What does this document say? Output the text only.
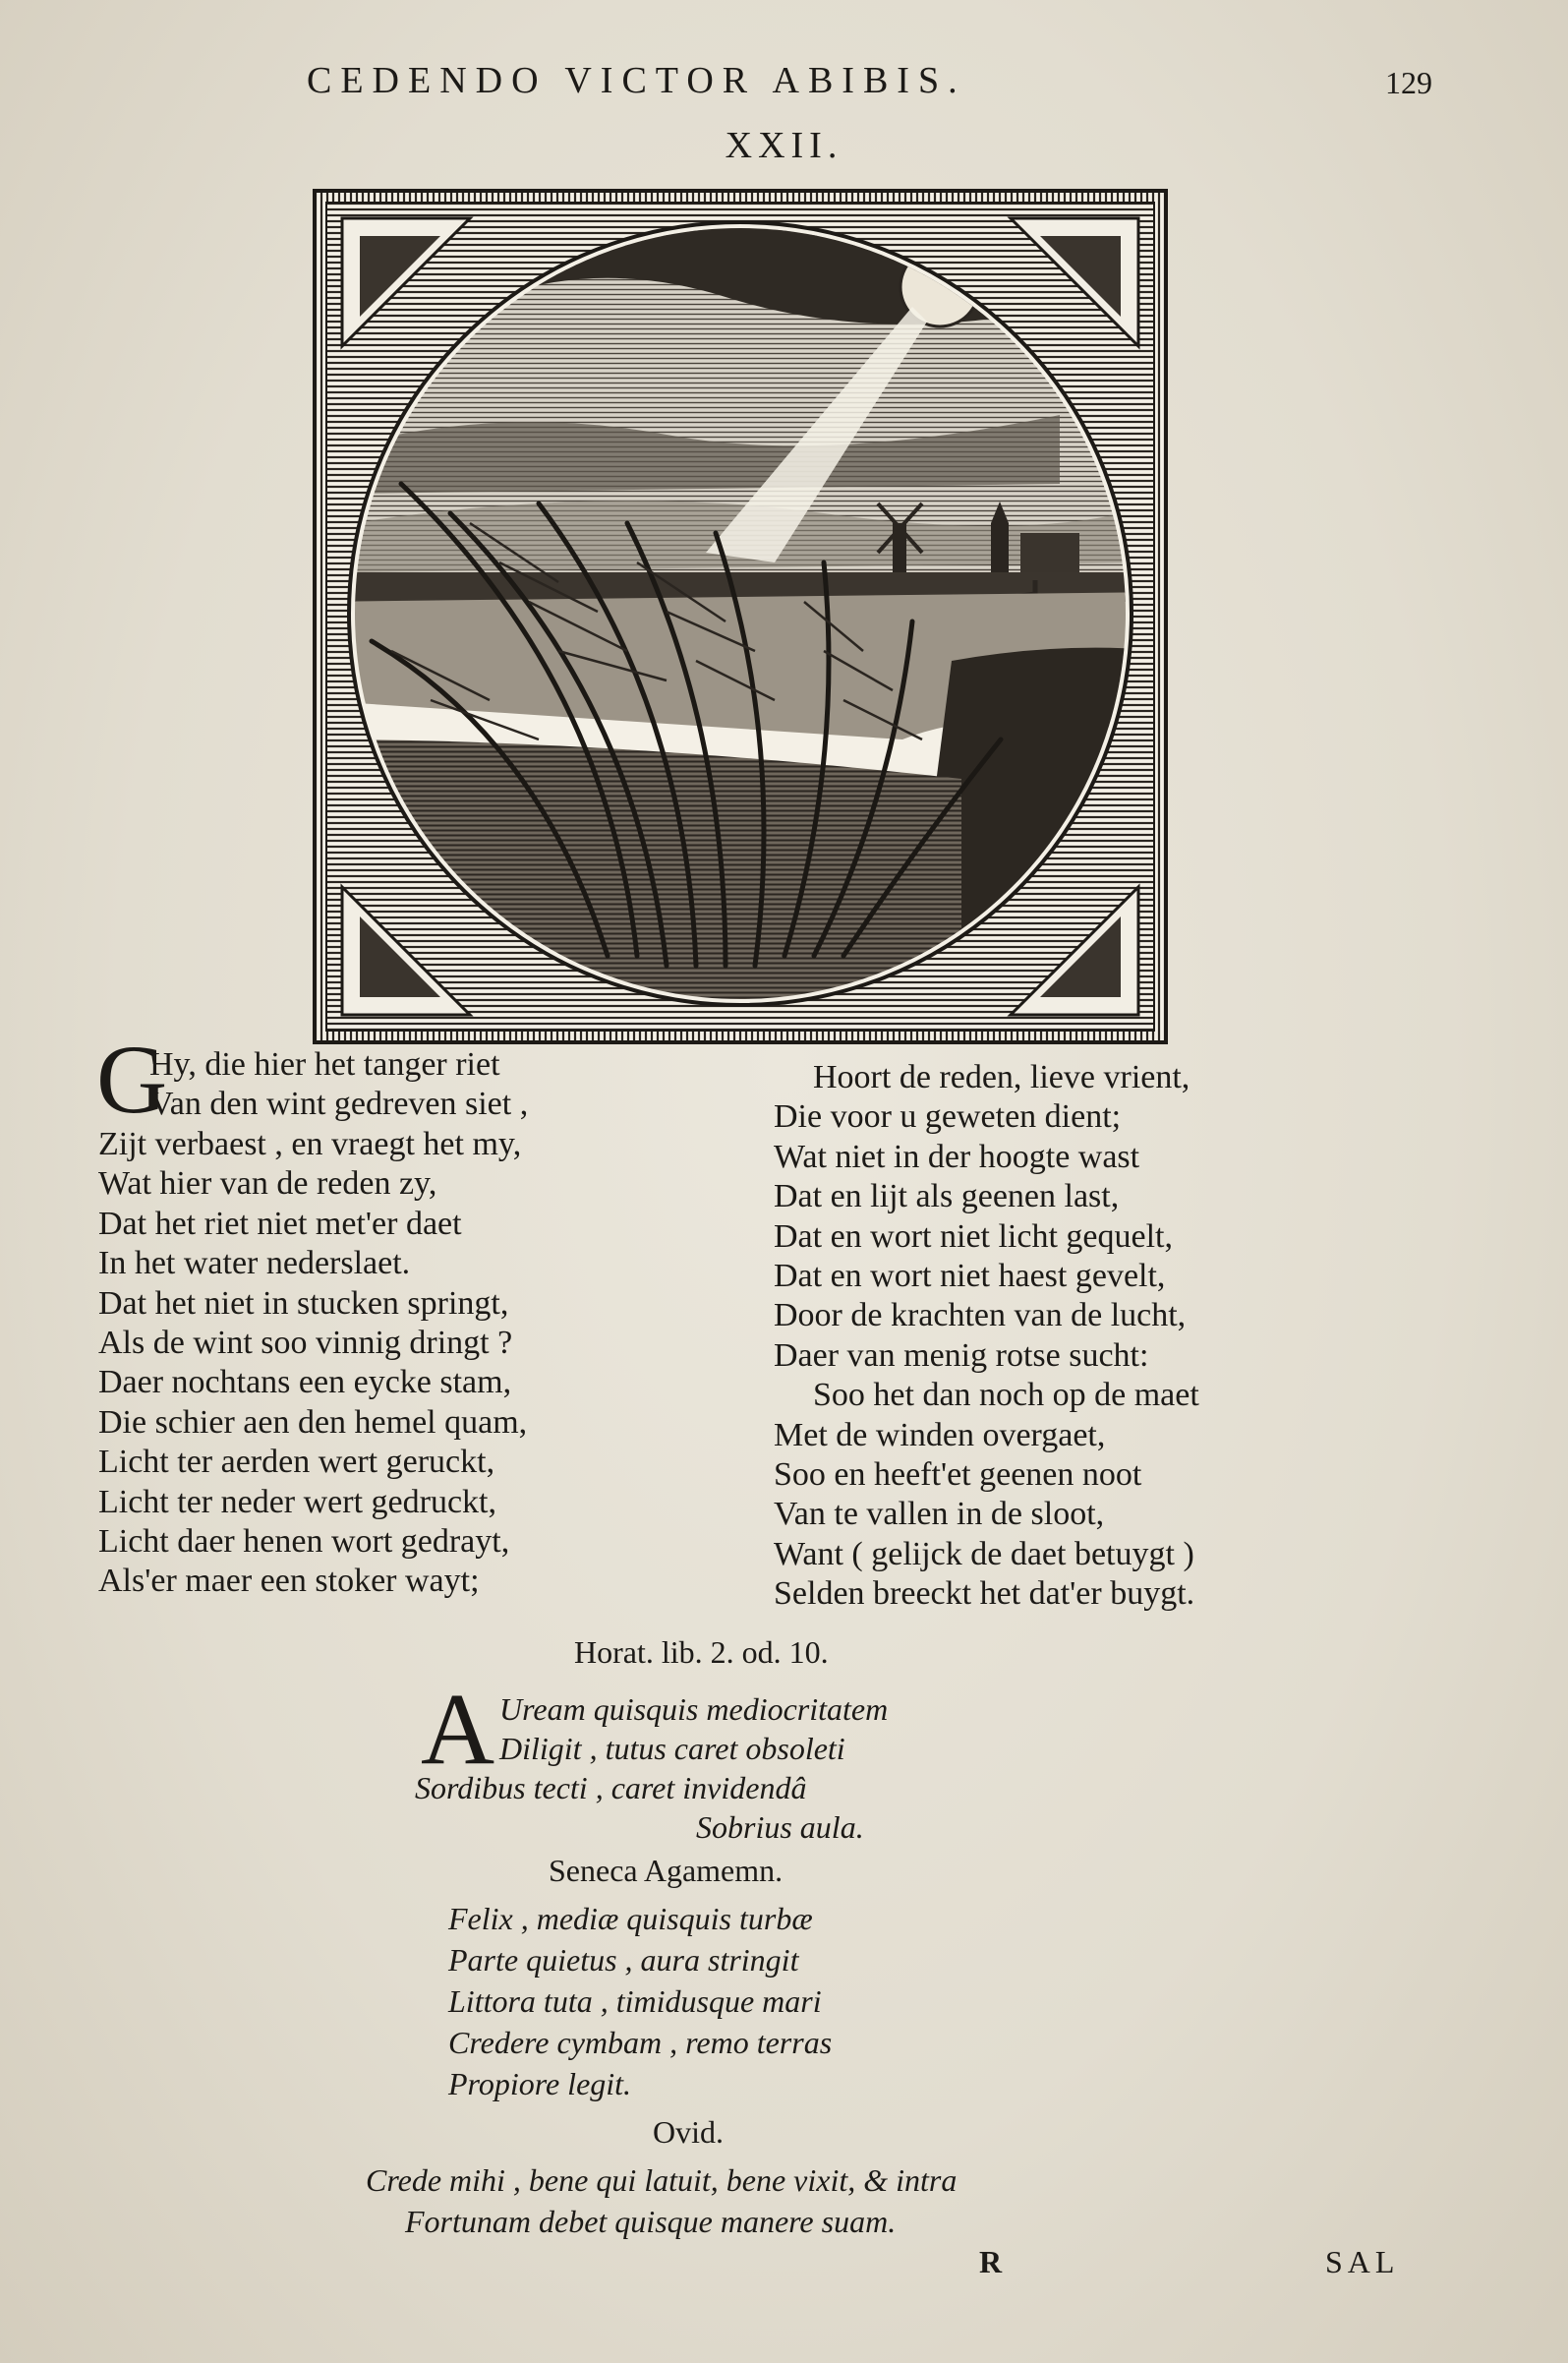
CEDENDO VICTOR ABIBIS.	129
XXII.
G
Hy, die hier het tanger riet
Van den wint gedreven siet ,
Zijt verbaest , en vraegt het my,
Wat hier van de reden zy,
Dat het riet niet met'er daet
In het water nederslaet.
Dat het niet in stucken springt,
Als de wint soo vinnig dringt ?
Daer nochtans een eycke stam,
Die schier aen den hemel quam,
Licht ter aerden wert geruckt,
Licht ter neder wert gedruckt,
Licht daer henen wort gedrayt,
Als'er maer een stoker wayt;
Hoort de reden, lieve vrient,
Die voor u geweten dient;
Wat niet in der hoogte wast
Dat en lijt als geenen last,
Dat en wort niet licht gequelt,
Dat en wort niet haest gevelt,
Door de krachten van de lucht,
Daer van menig rotse sucht:
Soo het dan noch op de maet
Met de winden overgaet,
Soo en heeft'et geenen noot
Van te vallen in de sloot,
Want ( gelijck de daet betuygt )
Selden breeckt het dat'er buygt.
Horat. lib. 2. od. 10.
A Uream quisquis mediocritatem
Diligit , tutus caret obsoleti
Sordibus tecti , caret invidendâ
Sobrius aula.
Seneca Agamemn.
Felix , mediæ quisquis turbæ
Parte quietus , aura stringit
Littora tuta , timidusque mari
Credere cymbam , remo terras
Propiore legit.
Ovid.
Crede mihi , bene qui latuit, bene vixit, & intra
Fortunam debet quisque manere suam.
R	SAL
